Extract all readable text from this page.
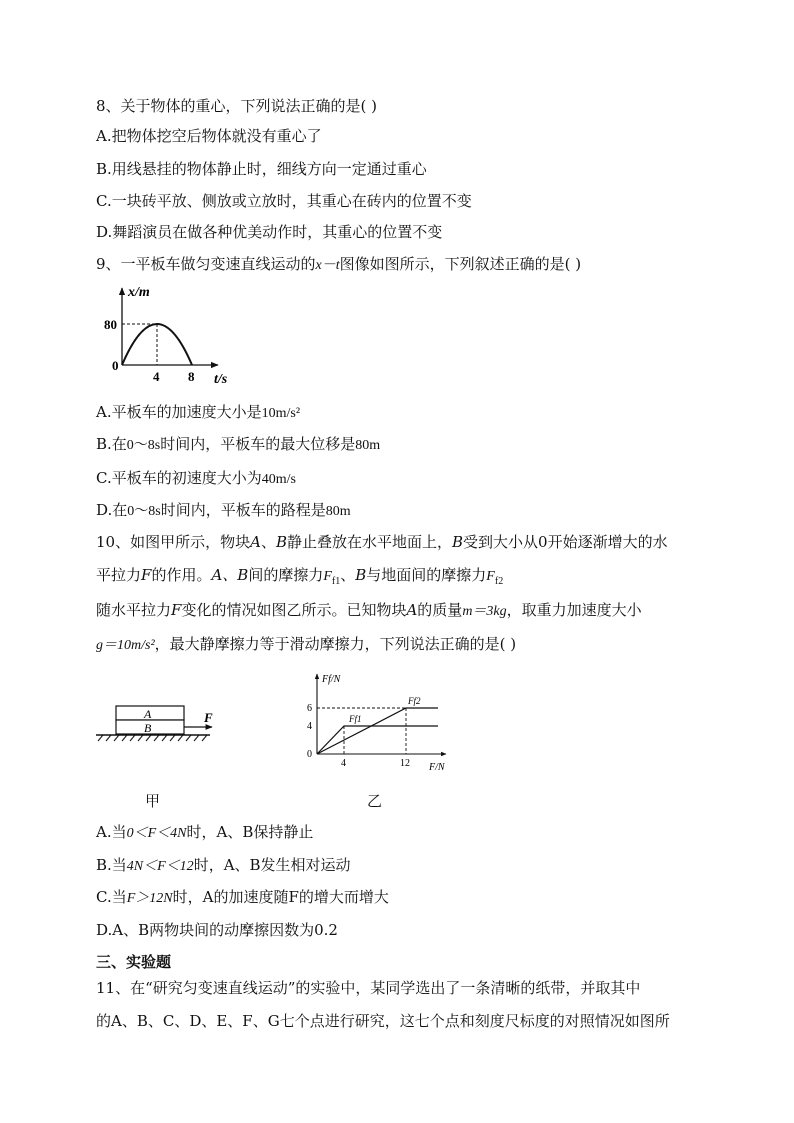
8、关于物体的重心，下列说法正确的是( )
A.把物体挖空后物体就没有重心了
B.用线悬挂的物体静止时，细线方向一定通过重心
C.一块砖平放、侧放或立放时，其重心在砖内的位置不变
D.舞蹈演员在做各种优美动作时，其重心的位置不变
9、一平板车做匀变速直线运动的x－t图像如图所示，下列叙述正确的是( )
x/m
80
0
4 8 t/s
A.平板车的加速度大小是10m/s²
B.在0～8s时间内，平板车的最大位移是80m
C.平板车的初速度大小为40m/s
D.在0～8s时间内，平板车的路程是80m
10、如图甲所示，物块A、B静止叠放在水平地面上，B受到大小从0开始逐渐增大的水
平拉力F的作用。A、B间的摩擦力$F_{f1}$、B与地面间的摩擦力$F_{f2}$
随水平拉力F变化的情况如图乙所示。已知物块A的质量m＝3kg，取重力加速度大小
g＝10m/s²，最大静摩擦力等于滑动摩擦力，下列说法正确的是( )
A
B
F
Ff/N
6
4
0
4	12 F/N
Ff2
Ff1
甲	乙
A.当0＜F＜4N时，A、B保持静止
B.当4N＜F＜12时，A、B发生相对运动
C.当F＞12N时，A的加速度随F的增大而增大
D.A、B两物块间的动摩擦因数为0.2
三、实验题
11、在“研究匀变速直线运动”的实验中，某同学选出了一条清晰的纸带，并取其中
的A、B、C、D、E、F、G七个点进行研究，这七个点和刻度尺标度的对照情况如图所
